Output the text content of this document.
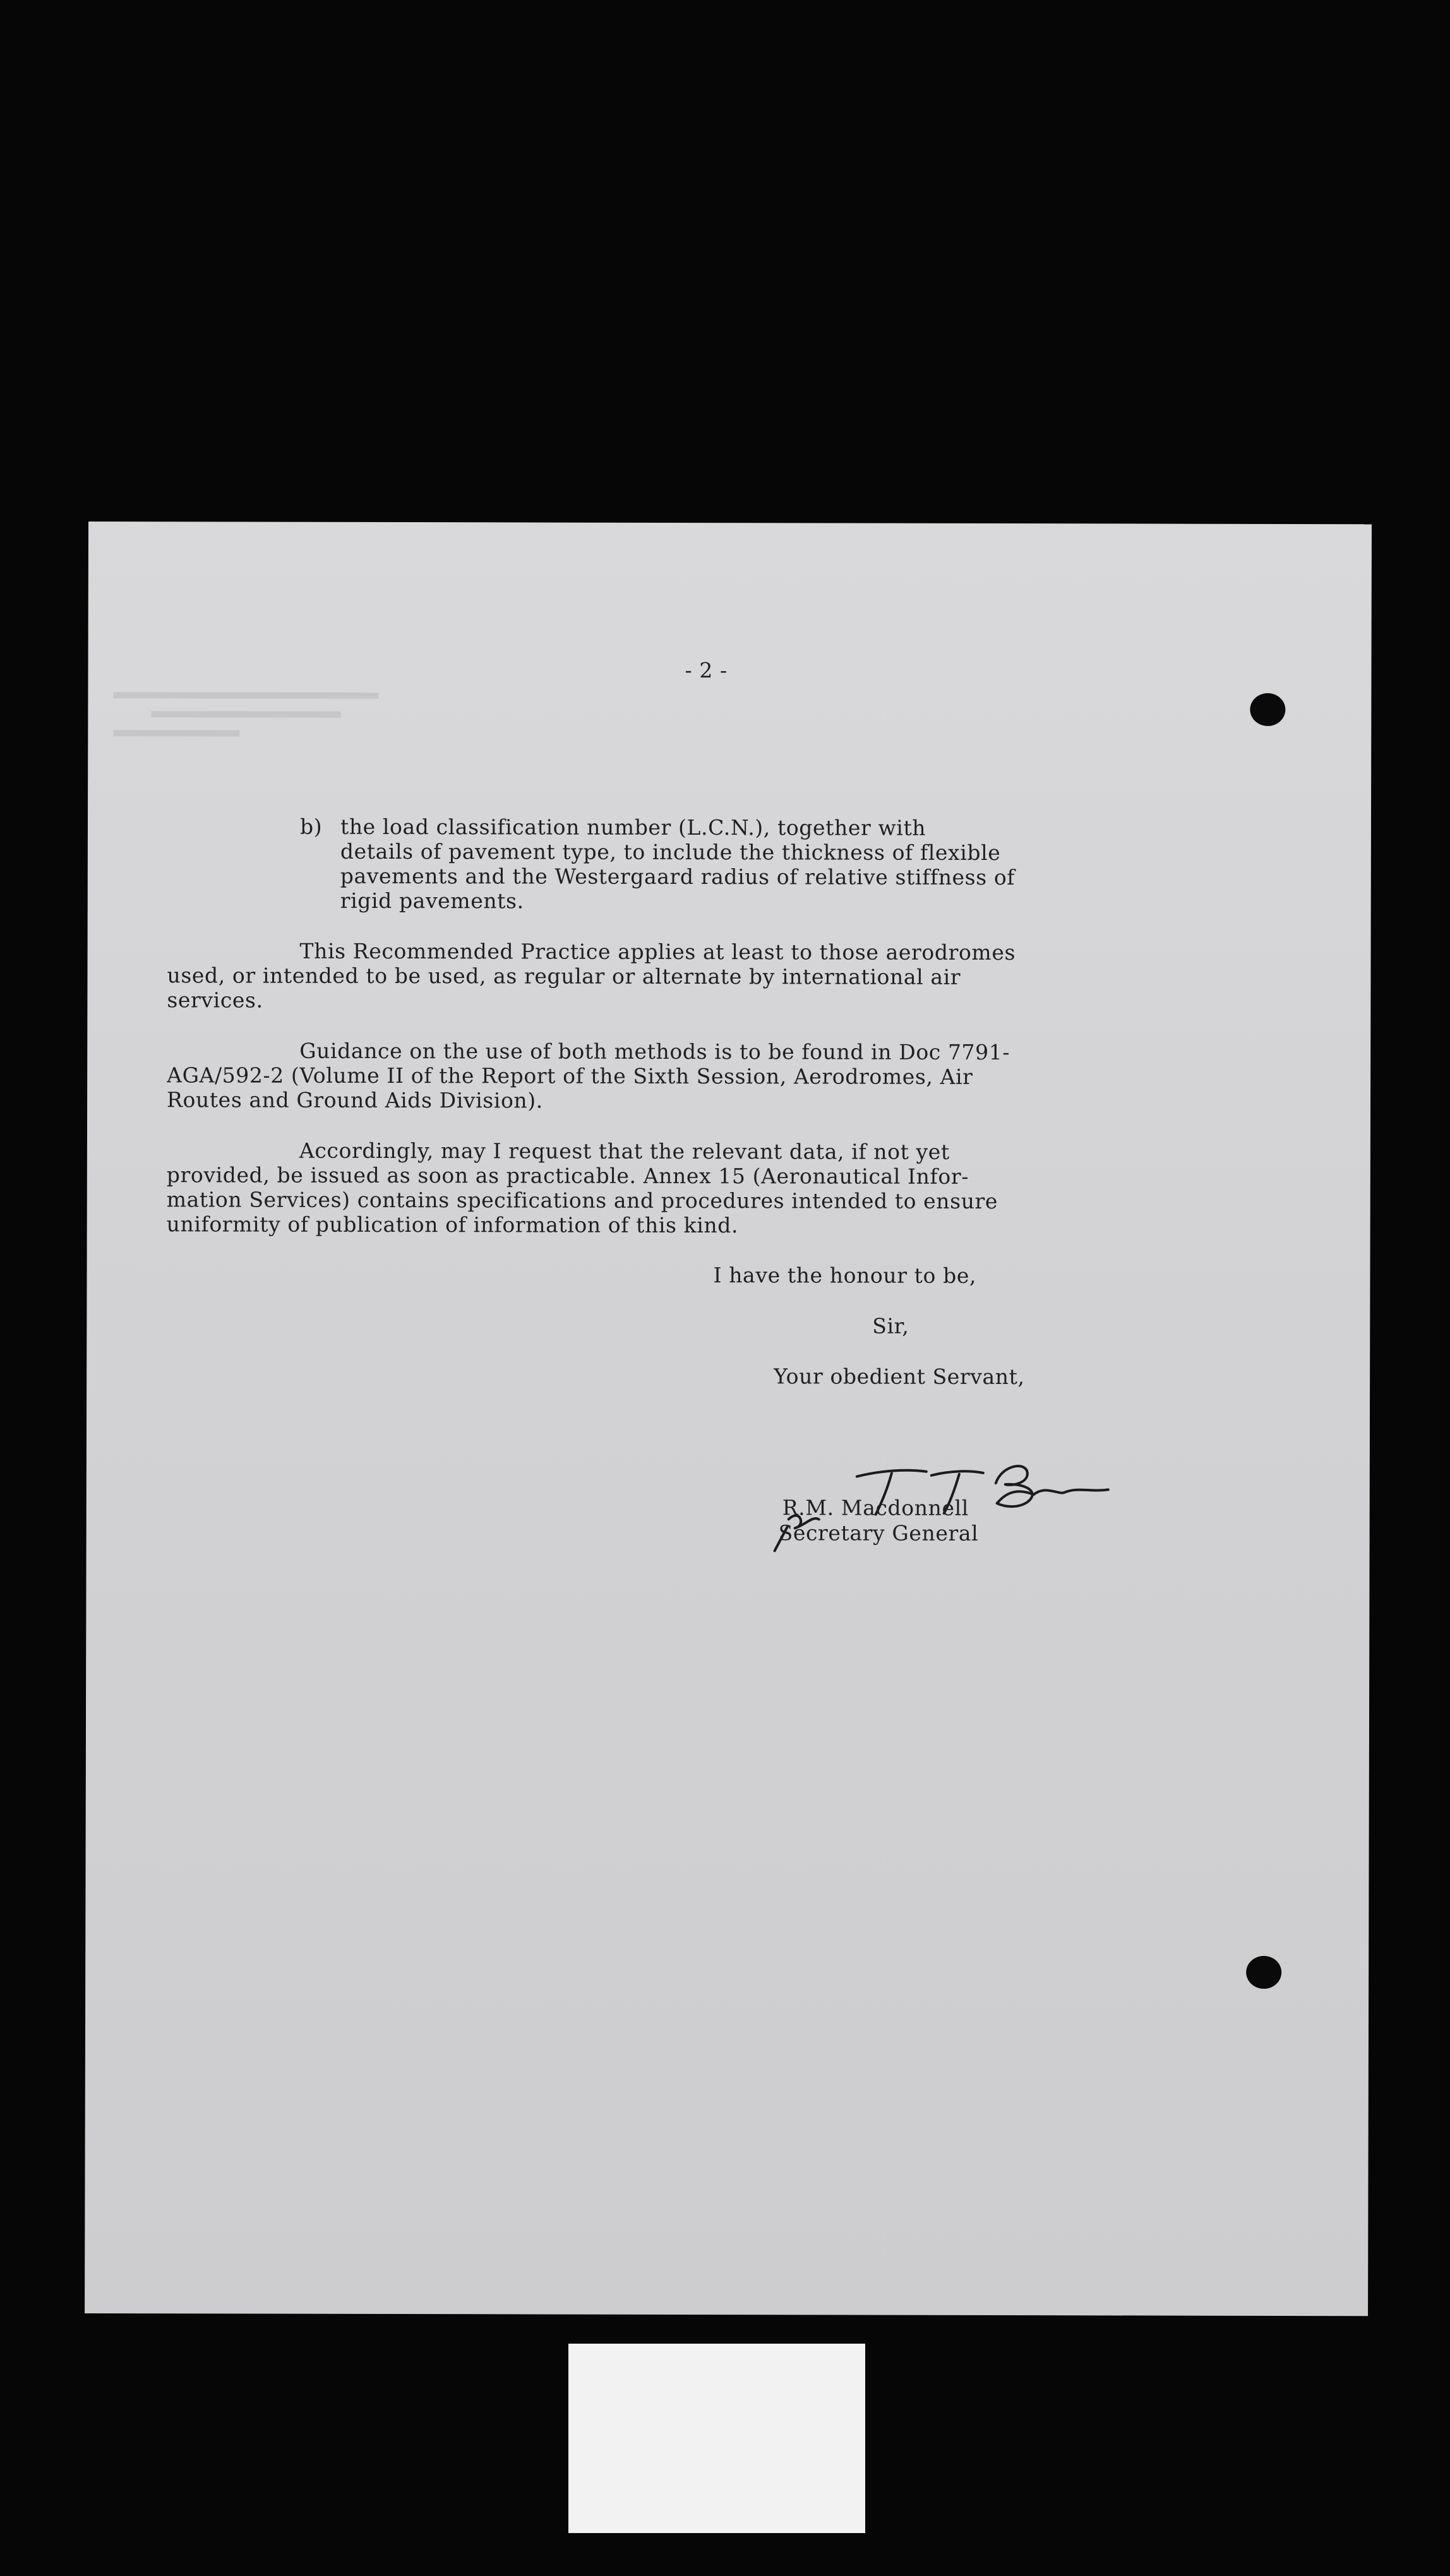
- 2 -
b) the load classification number (L.C.N.), together with
details of pavement type, to include the thickness of flexible
pavements and the Westergaard radius of relative stiffness of
rigid pavements.
This Recommended Practice applies at least to those aerodromes
used, or intended to be used, as regular or alternate by international air
services.
Guidance on the use of both methods is to be found in Doc 7791-
AGA/592-2 (Volume II of the Report of the Sixth Session, Aerodromes, Air
Routes and Ground Aids Division).
Accordingly, may I request that the relevant data, if not yet
provided, be issued as soon as practicable. Annex 15 (Aeronautical Infor-
mation Services) contains specifications and procedures intended to ensure
uniformity of publication of information of this kind.
I have the honour to be,
Sir,
Your obedient Servant,
R.M. Macdonnell
Secretary General
